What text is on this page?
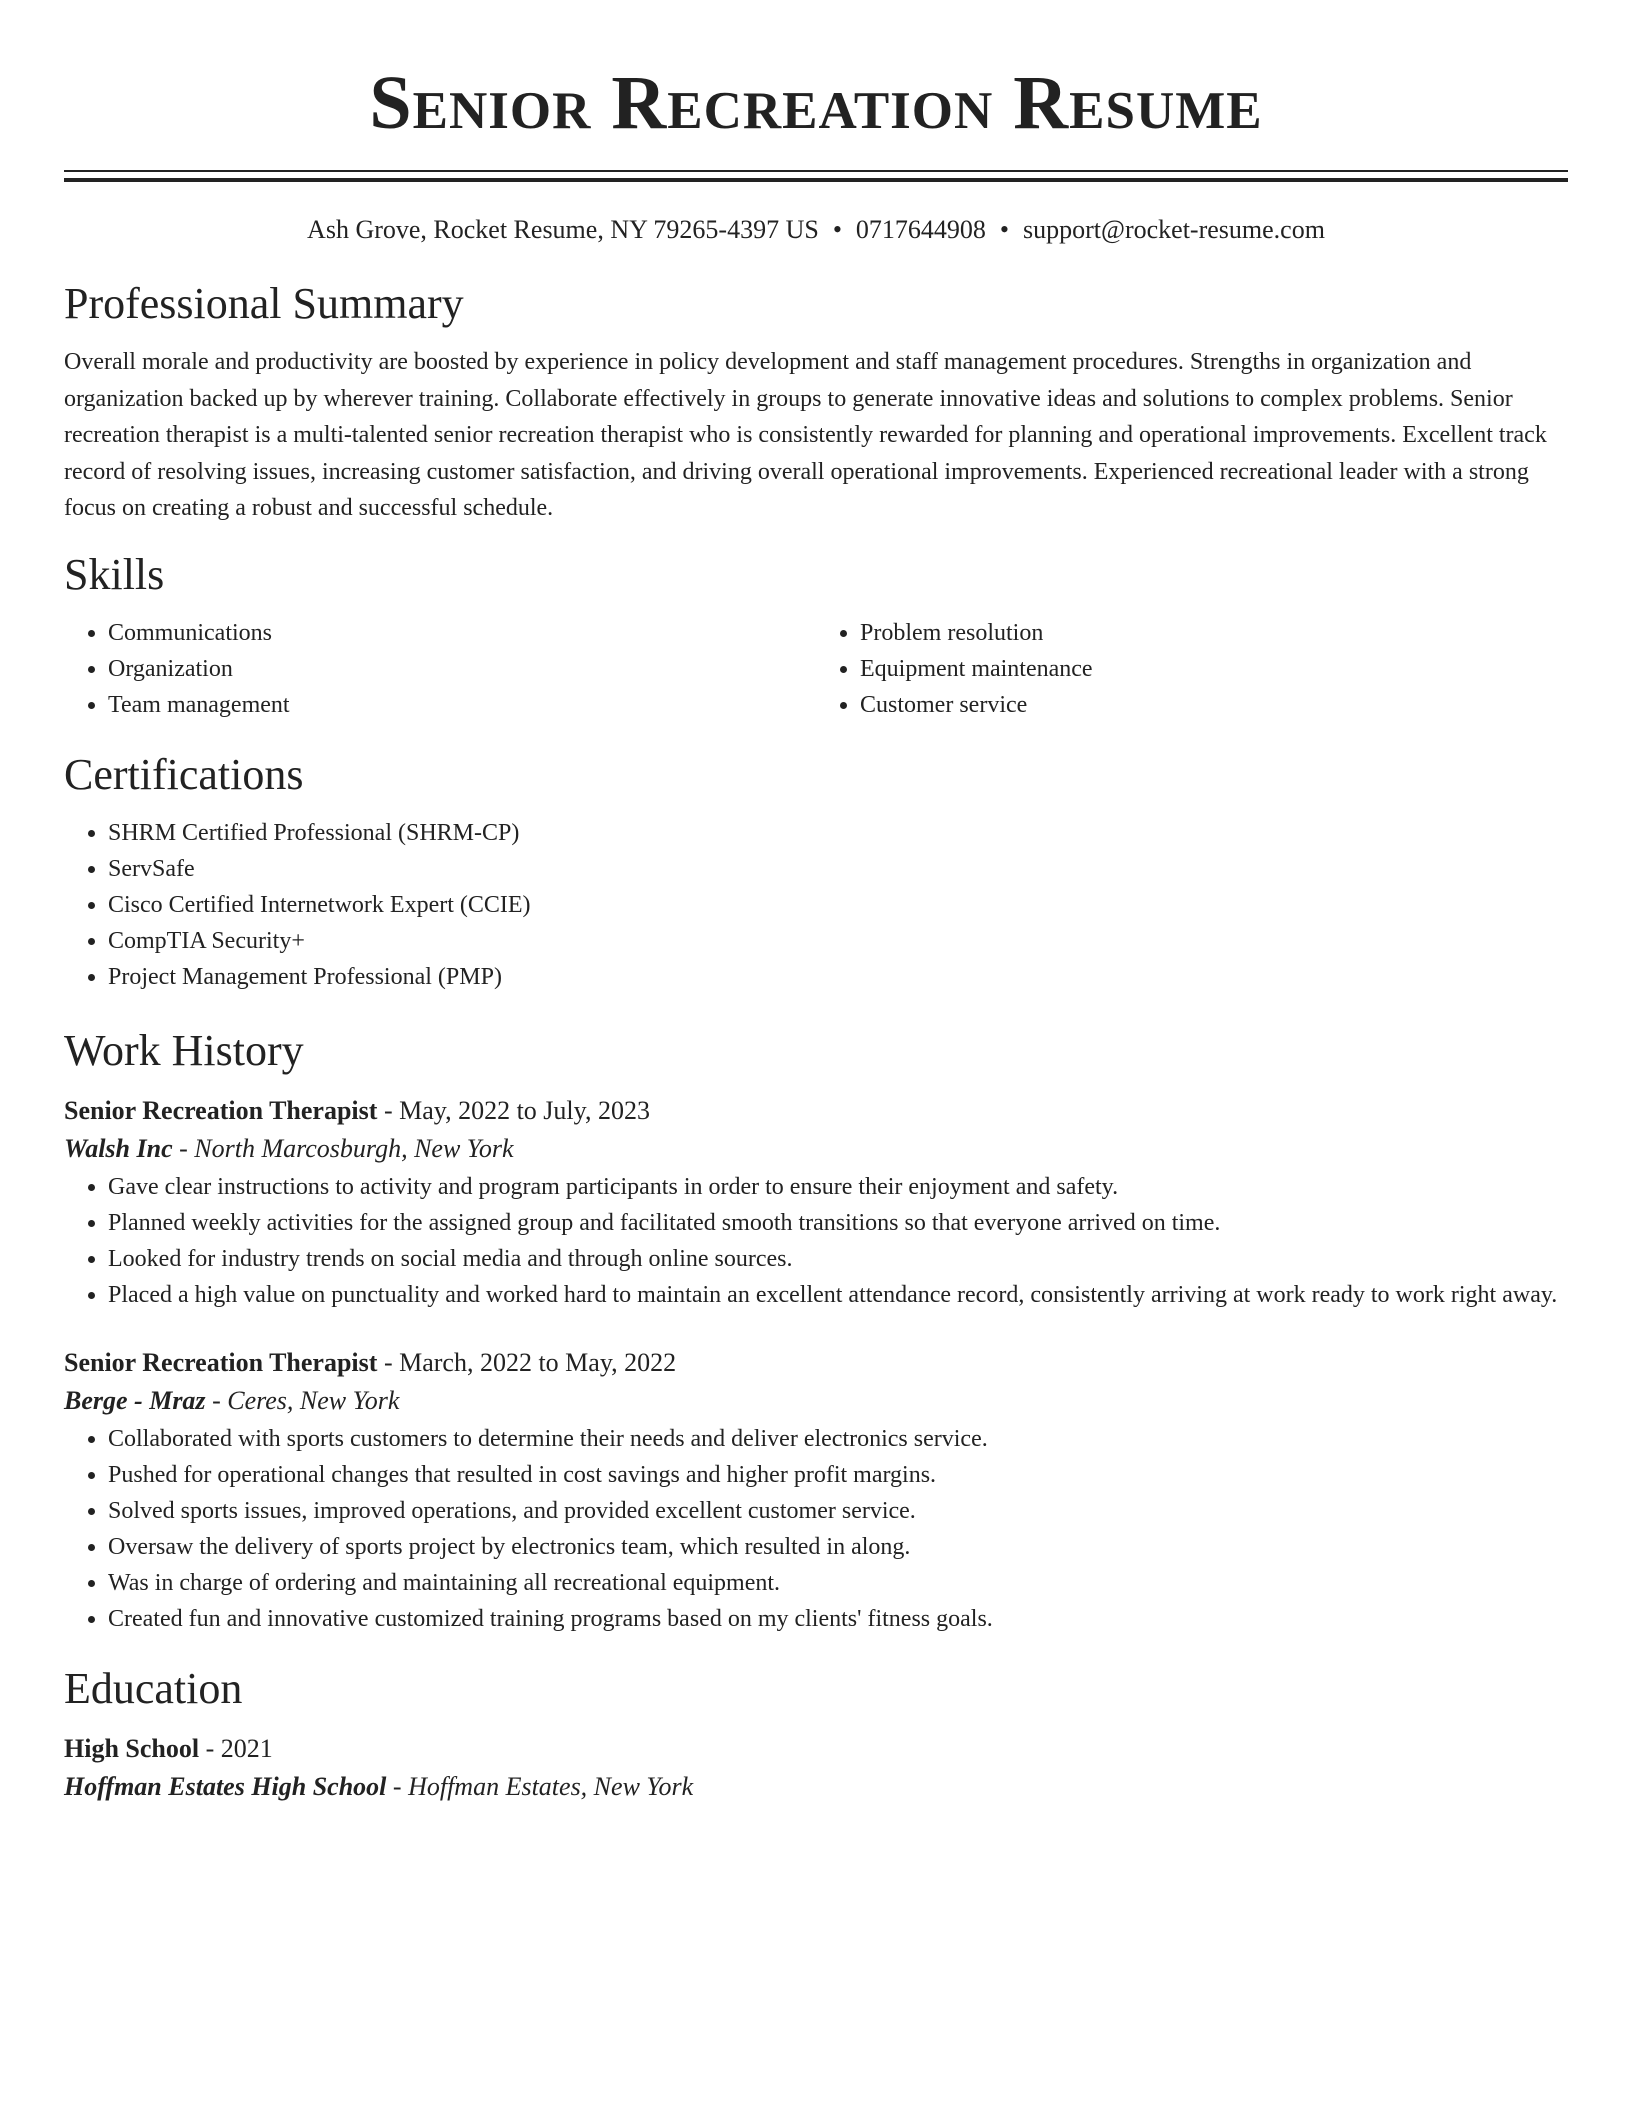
Senior Recreation Resume
Ash Grove, Rocket Resume, NY 79265-4397 US • 0717644908 • support@rocket-resume.com
Professional Summary

Overall morale and productivity are boosted by experience in policy development and staff management procedures. Strengths in organization and organization backed up by wherever training. Collaborate effectively in groups to generate innovative ideas and solutions to complex problems. Senior recreation therapist is a multi-talented senior recreation therapist who is consistently rewarded for planning and operational improvements. Excellent track record of resolving issues, increasing customer satisfaction, and driving overall operational improvements. Experienced recreational leader with a strong focus on creating a robust and successful schedule.

Skills
• Communications
• Organization
• Team management
• Problem resolution
• Equipment maintenance
• Customer service
Certifications
• SHRM Certified Professional (SHRM-CP)
• ServSafe
• Cisco Certified Internetwork Expert (CCIE)
• CompTIA Security+
• Project Management Professional (PMP)
Work History
Senior Recreation Therapist - May, 2022 to July, 2023
Walsh Inc - North Marcosburgh, New York
• Gave clear instructions to activity and program participants in order to ensure their enjoyment and safety.
• Planned weekly activities for the assigned group and facilitated smooth transitions so that everyone arrived on time.
• Looked for industry trends on social media and through online sources.
• Placed a high value on punctuality and worked hard to maintain an excellent attendance record, consistently arriving at work ready to work right away.
Senior Recreation Therapist - March, 2022 to May, 2022
Berge - Mraz - Ceres, New York
• Collaborated with sports customers to determine their needs and deliver electronics service.
• Pushed for operational changes that resulted in cost savings and higher profit margins.
• Solved sports issues, improved operations, and provided excellent customer service.
• Oversaw the delivery of sports project by electronics team, which resulted in along.
• Was in charge of ordering and maintaining all recreational equipment.
• Created fun and innovative customized training programs based on my clients' fitness goals.
Education
High School - 2021
Hoffman Estates High School - Hoffman Estates, New York
